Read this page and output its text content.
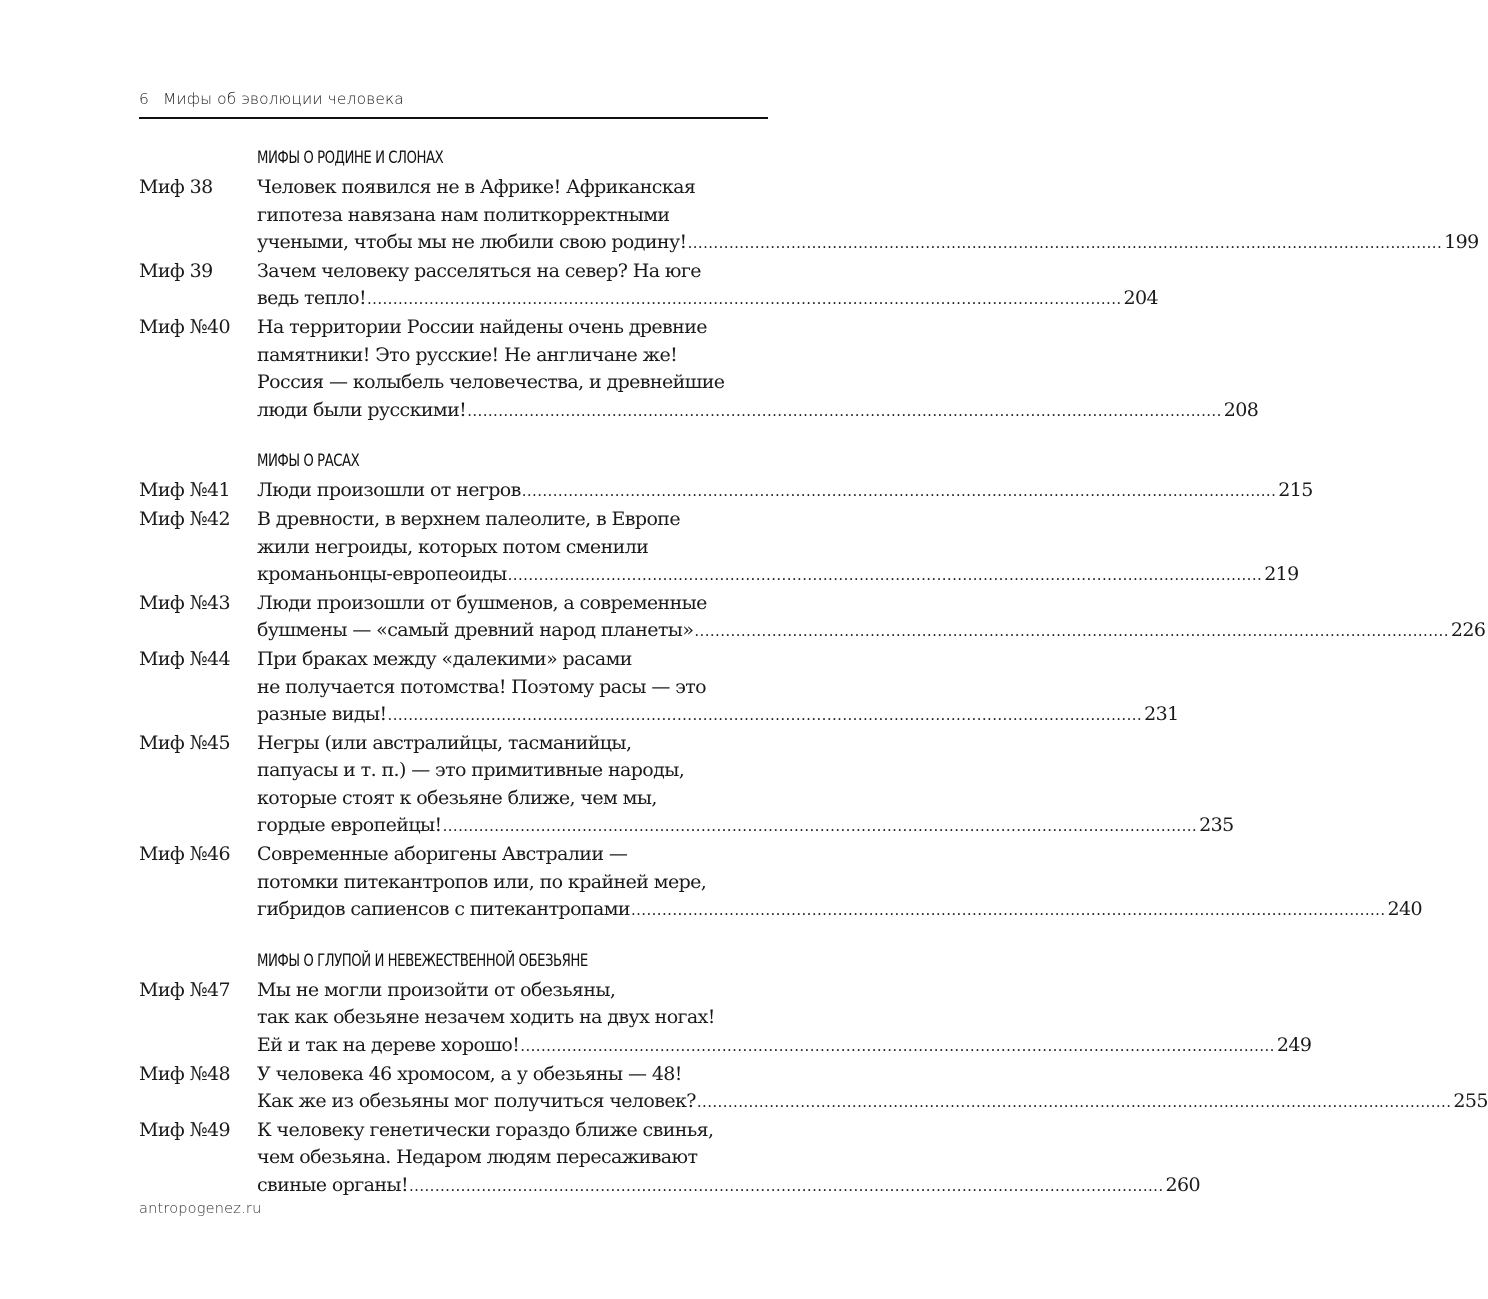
6 Мифы об эволюции человека
МИФЫ О РОДИНЕ И СЛОНАХ
Миф 38	Человек появился не в Африке! Африканская
гипотеза навязана нам политкорректными
учеными, чтобы мы не любили свою родину! .....	199
Миф 39	Зачем человеку расселяться на север? На юге
ведь тепло! .....	204
Миф №40	На территории России найдены очень древние
памятники! Это русские! Не англичане же!
Россия — колыбель человечества, и древнейшие
люди были русскими! .....	208
МИФЫ О РАСАХ
Миф №41	Люди произошли от негров .....	215
Миф №42	В древности, в верхнем палеолите, в Европе
жили негроиды, которых потом сменили
кроманьонцы-европеоиды .....	219
Миф №43	Люди произошли от бушменов, а современные
бушмены — «самый древний народ планеты» .....	226
Миф №44	При браках между «далекими» расами
не получается потомства! Поэтому расы — это
разные виды! .....	231
Миф №45	Негры (или австралийцы, тасманийцы,
папуасы и т. п.) — это примитивные народы,
которые стоят к обезьяне ближе, чем мы,
гордые европейцы! .....	235
Миф №46	Современные аборигены Австралии —
потомки питекантропов или, по крайней мере,
гибридов сапиенсов с питекантропами .....	240
МИФЫ О ГЛУПОЙ И НЕВЕЖЕСТВЕННОЙ ОБЕЗЬЯНЕ
Миф №47	Мы не могли произойти от обезьяны,
так как обезьяне незачем ходить на двух ногах!
Ей и так на дереве хорошо! .....	249
Миф №48	У человека 46 хромосом, а у обезьяны — 48!
Как же из обезьяны мог получиться человек? .....	255
Миф №49	К человеку генетически гораздо ближе свинья,
чем обезьяна. Недаром людям пересаживают
свиные органы! .....	260
antropogenez.ru
